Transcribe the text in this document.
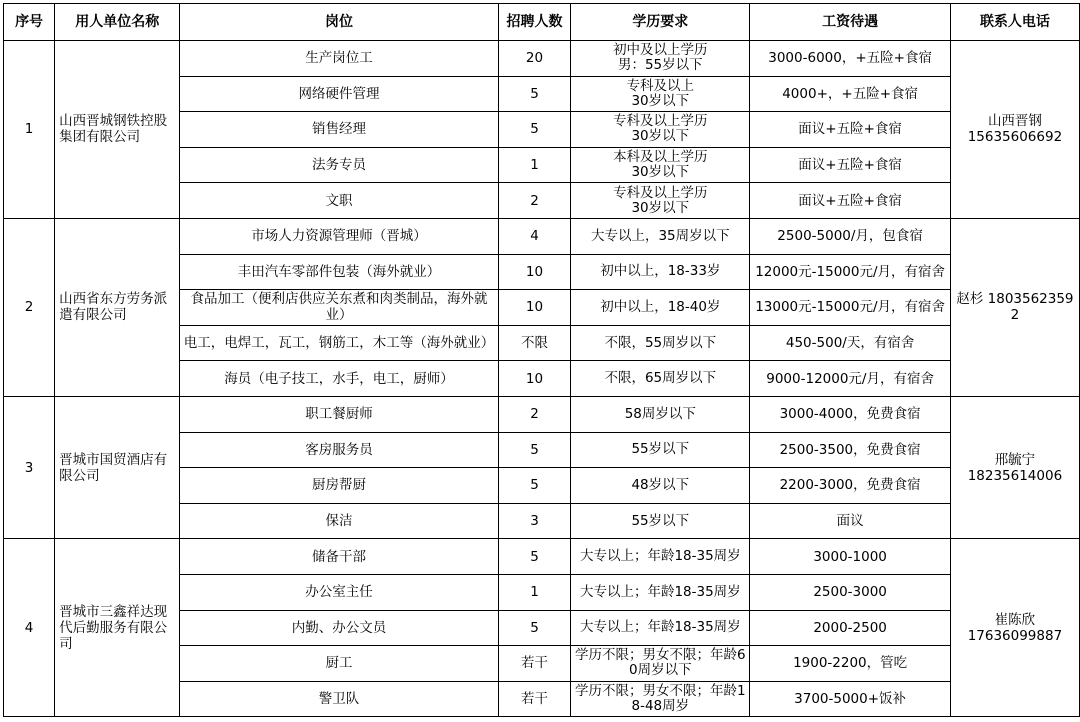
序号	用人单位名称	岗位	招聘人数	学历要求	工资待遇	联系人电话
1	山西晋城钢铁控股集团有限公司	生产岗位工	20	初中及以上学历
男：55岁以下	3000-6000，+五险+食宿	山西晋钢
15635606692
		网络硬件管理	5	专科及以上
30岁以下	4000+，+五险+食宿	
		销售经理	5	专科及以上学历
30岁以下	面议+五险+食宿	
		法务专员	1	本科及以上学历
30岁以下	面议+五险+食宿	
		文职	2	专科及以上学历
30岁以下	面议+五险+食宿	
2	山西省东方劳务派遣有限公司	市场人力资源管理师（晋城）	4	大专以上，35周岁以下	2500-5000/月，包食宿	赵杉 18035623592
		丰田汽车零部件包装（海外就业）	10	初中以上，18-33岁	12000元-15000元/月，有宿舍	
		食品加工（便利店供应关东煮和肉类制品，海外就业）	10	初中以上，18-40岁	13000元-15000元/月，有宿舍	
		电工，电焊工，瓦工，钢筋工，木工等（海外就业）	不限	不限，55周岁以下	450-500/天，有宿舍	
		海员（电子技工，水手，电工，厨师）	10	不限，65周岁以下	9000-12000元/月，有宿舍	
3	晋城市国贸酒店有限公司	职工餐厨师	2	58周岁以下	3000-4000，免费食宿	邢毓宁
18235614006
		客房服务员	5	55岁以下	2500-3500，免费食宿	
		厨房帮厨	5	48岁以下	2200-3000，免费食宿	
		保洁	3	55岁以下	面议	
4	晋城市三鑫祥达现代后勤服务有限公司	储备干部	5	大专以上；年龄18-35周岁	3000-1000	崔陈欣
17636099887
		办公室主任	1	大专以上；年龄18-35周岁	2500-3000	
		内勤、办公文员	5	大专以上；年龄18-35周岁	2000-2500	
		厨工	若干	学历不限；男女不限；年龄60周岁以下	1900-2200，管吃	
		警卫队	若干	学历不限；男女不限；年龄18-48周岁	3700-5000+饭补	
